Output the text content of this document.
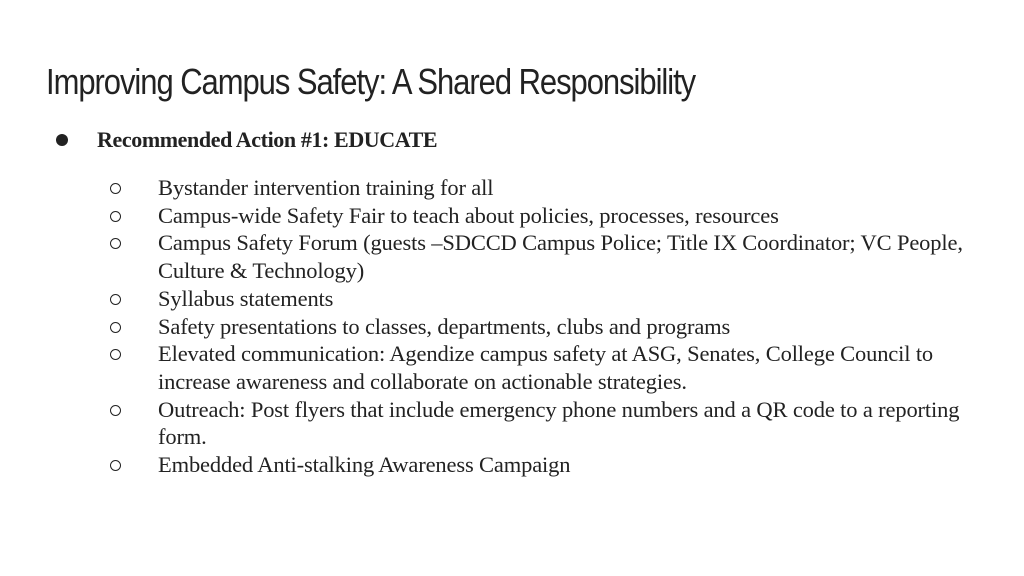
Improving Campus Safety: A Shared Responsibility
Recommended Action #1: EDUCATE
Bystander intervention training for all
Campus-wide Safety Fair to teach about policies, processes, resources
Campus Safety Forum (guests –SDCCD Campus Police; Title IX Coordinator; VC People, Culture & Technology)
Syllabus statements
Safety presentations to classes, departments, clubs and programs
Elevated communication: Agendize campus safety at ASG, Senates, College Council to increase awareness and collaborate on actionable strategies.
Outreach: Post flyers that include emergency phone numbers and a QR code to a reporting form.
Embedded Anti-stalking Awareness Campaign
